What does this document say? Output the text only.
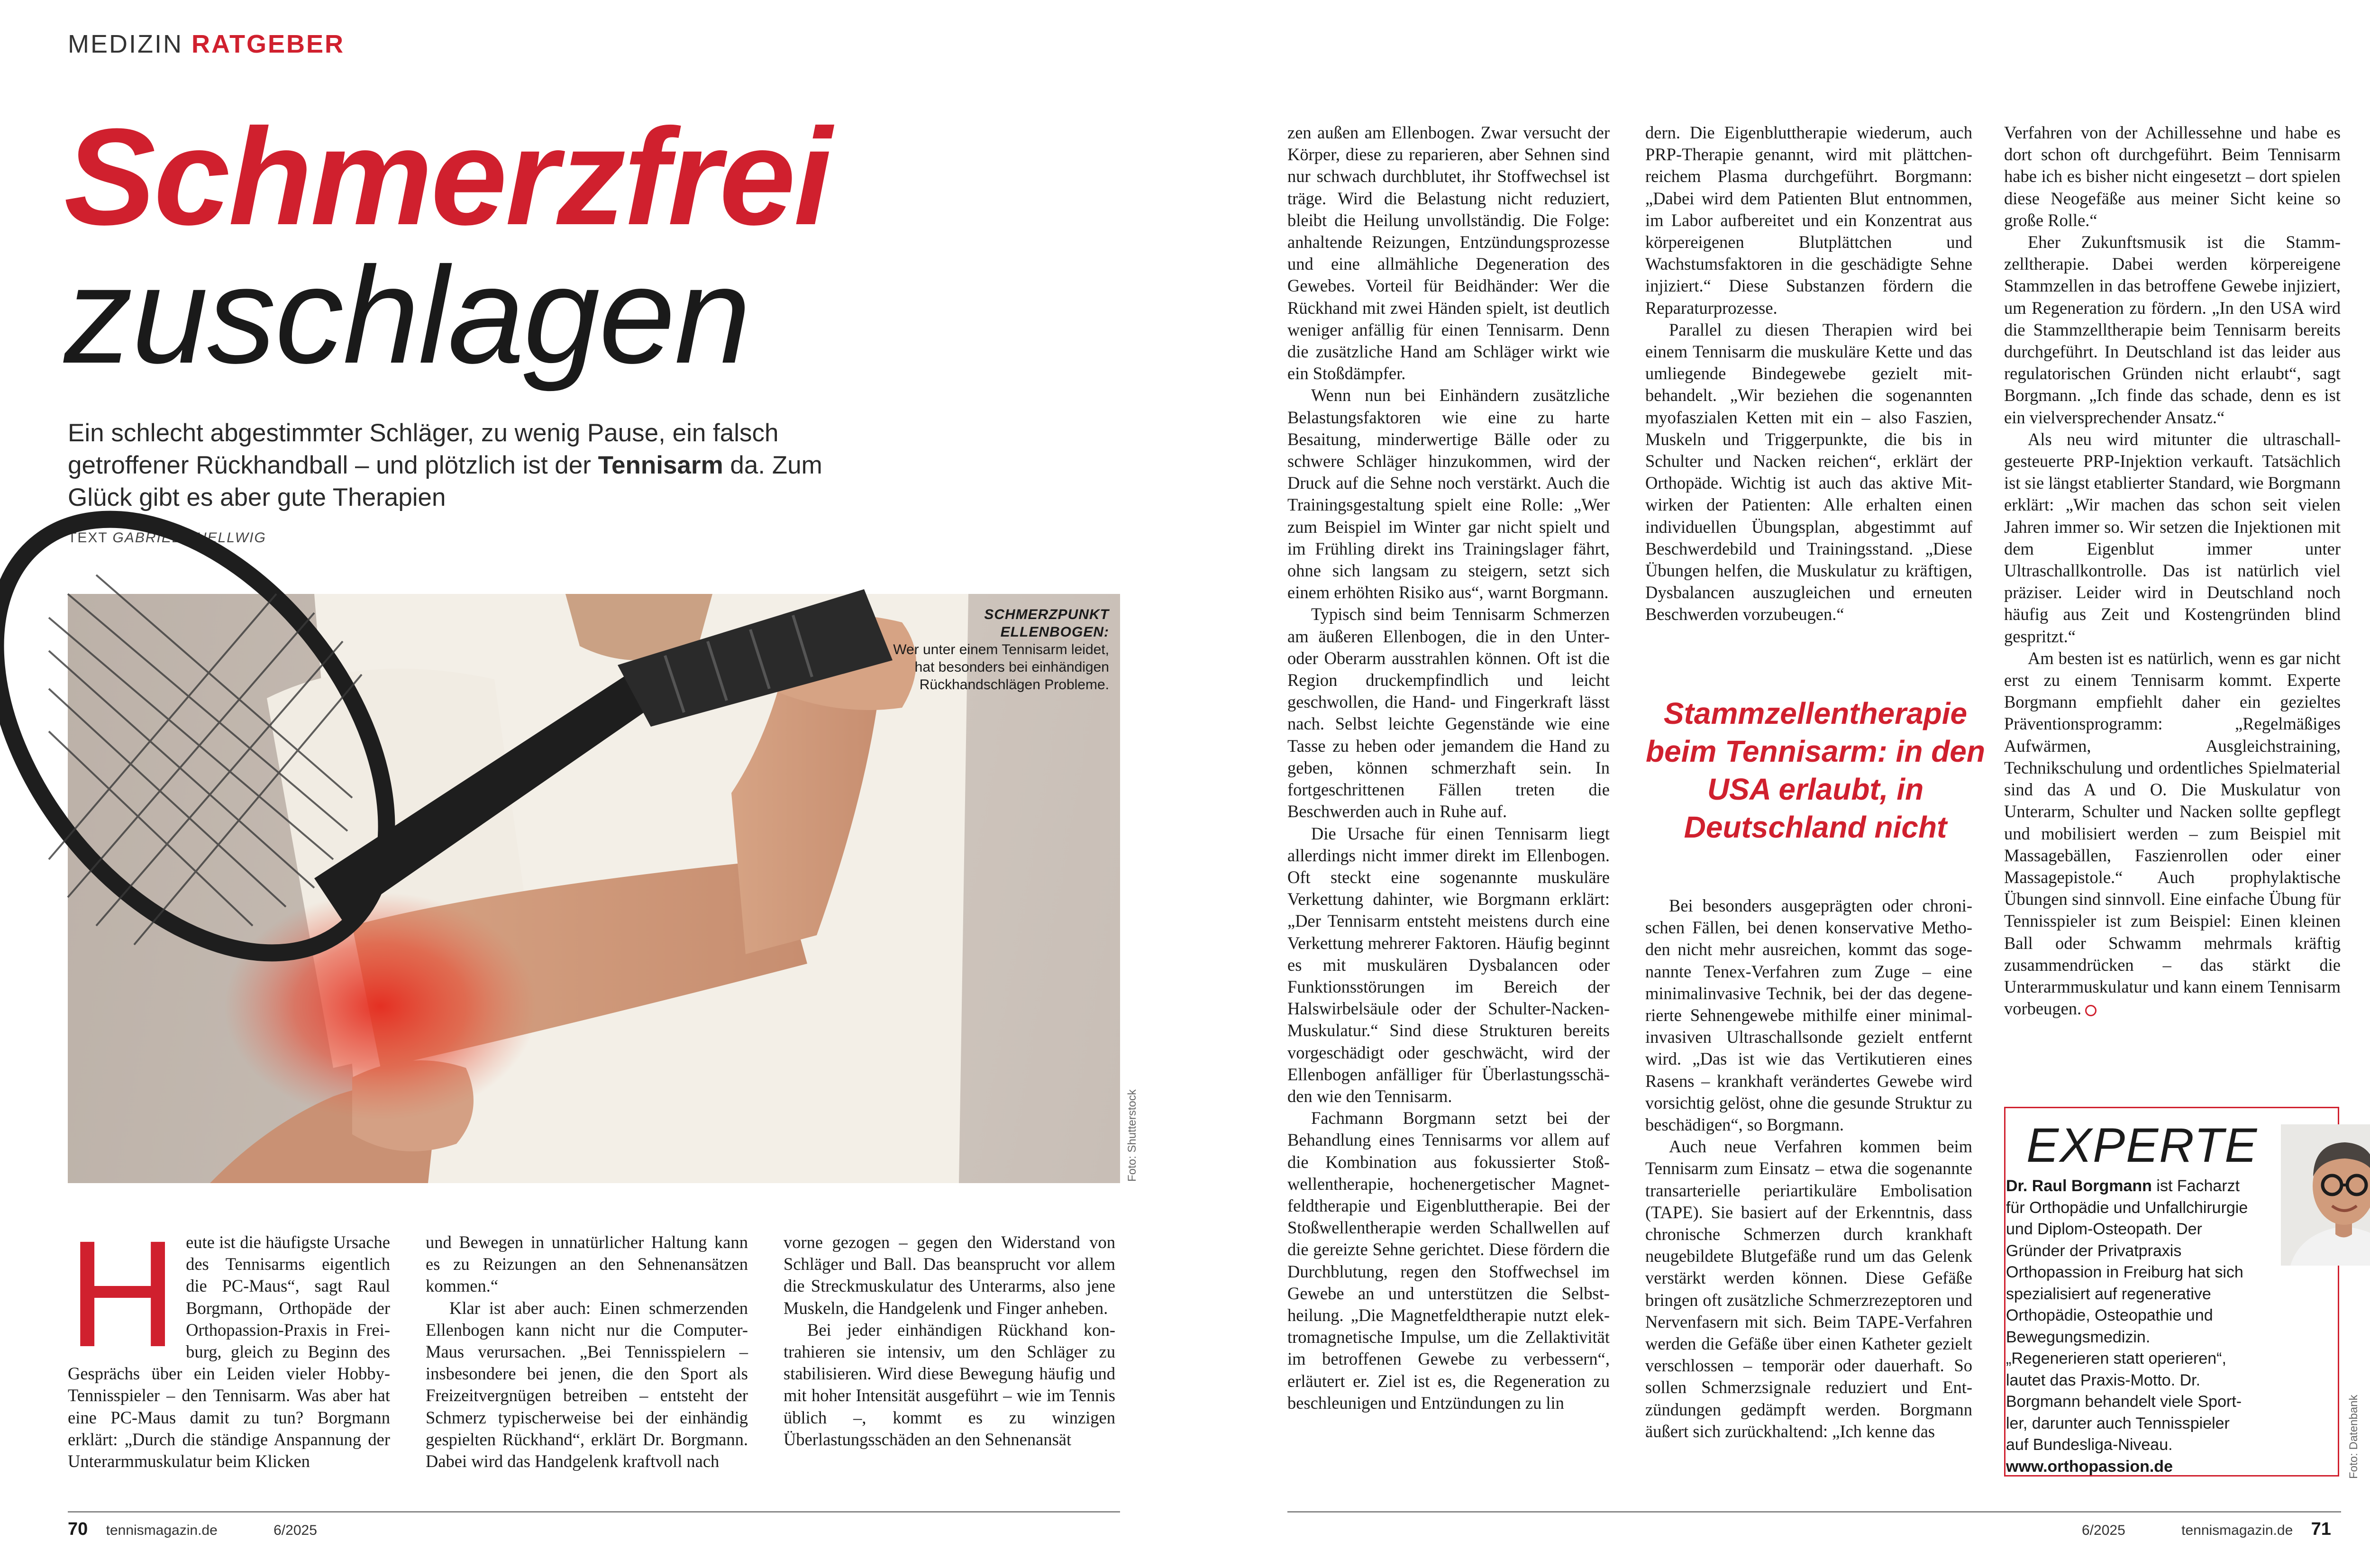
MEDIZIN RATGEBER
Schmerzfrei
zuschlagen
Ein schlecht abgestimmter Schläger, zu wenig Pause, ein falsch getroffener Rückhandball – und plötzlich ist der Tennisarm da. Zum Glück gibt es aber gute Therapien
TEXT GABRIELE HELLWIG
Foto: Shutterstock
SCHMERZPUNKT ELLENBOGEN:
Wer unter einem Tennisarm leidet, hat besonders bei einhändigen Rückhandschlägen Probleme.
H eute ist die häufigste Ursache des Tennisarms eigentlich die PC-Maus“, sagt Raul Borgmann, Orthopäde der Orthopassion-Praxis in Freiburg, gleich zu Beginn des Gesprächs über ein Leiden vieler Hobby-Tennisspieler – den Tennisarm. Was aber hat eine PC-Maus damit zu tun? Borgmann erklärt: „Durch die ständige Anspannung der Unterarmmuskulatur beim Klicken

und Bewegen in unnatürlicher Haltung kann es zu Reizungen an den Sehnenansätzen kommen.“

Klar ist aber auch: Einen schmerzenden Ellenbogen kann nicht nur die Computer-Maus verursachen. „Bei Tennisspielern – insbesondere bei jenen, die den Sport als Freizeitvergnügen betreiben – entsteht der Schmerz typischerweise bei der einhändig gespielten Rückhand“, erklärt Dr. Borgmann. Dabei wird das Handgelenk kraftvoll nach

vorne gezogen – gegen den Widerstand von Schläger und Ball. Das beansprucht vor allem die Streckmuskulatur des Unterarms, also jene Muskeln, die Handgelenk und Finger anheben.

Bei jeder einhändigen Rückhand kontrahieren sie intensiv, um den Schläger zu stabilisieren. Wird diese Bewegung häufig und mit hoher Intensität ausgeführt – wie im Tennis üblich –, kommt es zu winzigen Überlastungsschäden an den Sehnenansät

70 tennismagazin.de	6/2025

zen außen am Ellenbogen. Zwar versucht der Körper, diese zu reparieren, aber Sehnen sind nur schwach durchblutet, ihr Stoffwechsel ist träge. Wird die Belastung nicht reduziert, bleibt die Heilung unvollständig. Die Folge: anhaltende Reizungen, Entzündungsprozesse und eine allmähliche Degeneration des Gewebes. Vorteil für Beidhänder: Wer die Rückhand mit zwei Händen spielt, ist deutlich weniger anfällig für einen Tennisarm. Denn die zusätzliche Hand am Schläger wirkt wie ein Stoßdämpfer.

Wenn nun bei Einhändern zusätzliche Belastungsfaktoren wie eine zu harte Besaitung, minderwertige Bälle oder zu schwere Schläger hinzukommen, wird der Druck auf die Sehne noch verstärkt. Auch die Trainingsgestaltung spielt eine Rolle: „Wer zum Beispiel im Winter gar nicht spielt und im Frühling direkt ins Trainingslager fährt, ohne sich langsam zu steigern, setzt sich einem erhöhten Risiko aus“, warnt Borgmann.

Typisch sind beim Tennisarm Schmerzen am äußeren Ellenbogen, die in den Unter- oder Oberarm ausstrahlen können. Oft ist die Region druckempfindlich und leicht geschwollen, die Hand- und Fingerkraft lässt nach. Selbst leichte Gegenstände wie eine Tasse zu heben oder jemandem die Hand zu geben, können schmerzhaft sein. In fortgeschrittenen Fällen treten die Beschwerden auch in Ruhe auf.

Die Ursache für einen Tennisarm liegt allerdings nicht immer direkt im Ellenbogen. Oft steckt eine sogenannte muskuläre Verkettung dahinter, wie Borgmann erklärt: „Der Tennisarm entsteht meistens durch eine Verkettung mehrerer Faktoren. Häufig beginnt es mit muskulären Dysbalancen oder Funktionsstörungen im Bereich der Halswirbelsäule oder der Schulter-Nacken-Muskulatur.“ Sind diese Strukturen bereits vorgeschädigt oder geschwächt, wird der Ellenbogen anfälliger für Überlastungsschäden wie den Tennisarm.

Fachmann Borgmann setzt bei der Behandlung eines Tennisarms vor allem auf die Kombination aus fokussierter Stoßwellentherapie, hochenergetischer Magnetfeldtherapie und Eigenbluttherapie. Bei der Stoßwellentherapie werden Schallwellen auf die gereizte Sehne gerichtet. Diese fördern die Durchblutung, regen den Stoffwechsel im Gewebe an und unterstützen die Selbstheilung. „Die Magnetfeldtherapie nutzt elektromagnetische Impulse, um die Zellaktivität im betroffenen Gewebe zu verbessern“, erläutert er. Ziel ist es, die Regeneration zu beschleunigen und Entzündungen zu lin

dern. Die Eigenbluttherapie wiederum, auch PRP-Therapie genannt, wird mit plättchenreichem Plasma durchgeführt. Borgmann: „Dabei wird dem Patienten Blut entnommen, im Labor aufbereitet und ein Konzentrat aus körpereigenen Blutplättchen und Wachstumsfaktoren in die geschädigte Sehne injiziert.“ Diese Substanzen fördern die Reparaturprozesse.

Parallel zu diesen Therapien wird bei einem Tennisarm die muskuläre Kette und das umliegende Bindegewebe gezielt mitbehandelt. „Wir beziehen die sogenannten myofaszialen Ketten mit ein – also Faszien, Muskeln und Triggerpunkte, die bis in Schulter und Nacken reichen“, erklärt der Orthopäde. Wichtig ist auch das aktive Mitwirken der Patienten: Alle erhalten einen individuellen Übungsplan, abgestimmt auf Beschwerdebild und Trainingsstand. „Diese Übungen helfen, die Muskulatur zu kräftigen, Dysbalancen auszugleichen und erneuten Beschwerden vorzubeugen.“

Stammzellentherapie beim Tennisarm: in den USA erlaubt, in Deutschland nicht

Bei besonders ausgeprägten oder chronischen Fällen, bei denen konservative Methoden nicht mehr ausreichen, kommt das sogenannte Tenex-Verfahren zum Zuge – eine minimalinvasive Technik, bei der das degenerierte Sehnengewebe mithilfe einer minimalinvasiven Ultraschallsonde gezielt entfernt wird. „Das ist wie das Vertikutieren eines Rasens – krankhaft verändertes Gewebe wird vorsichtig gelöst, ohne die gesunde Struktur zu beschädigen“, so Borgmann.

Auch neue Verfahren kommen beim Tennisarm zum Einsatz – etwa die sogenannte transarterielle periartikuläre Embolisation (TAPE). Sie basiert auf der Erkenntnis, dass chronische Schmerzen durch krankhaft neugebildete Blutgefäße rund um das Gelenk verstärkt werden können. Diese Gefäße bringen oft zusätzliche Schmerzrezeptoren und Nervenfasern mit sich. Beim TAPE-Verfahren werden die Gefäße über einen Katheter gezielt verschlossen – temporär oder dauerhaft. So sollen Schmerzsignale reduziert und Entzündungen gedämpft werden. Borgmann äußert sich zurückhaltend: „Ich kenne das

Verfahren von der Achillessehne und habe es dort schon oft durchgeführt. Beim Tennisarm habe ich es bisher nicht eingesetzt – dort spielen diese Neogefäße aus meiner Sicht keine so große Rolle.“

Eher Zukunftsmusik ist die Stammzelltherapie. Dabei werden körpereigene Stammzellen in das betroffene Gewebe injiziert, um Regeneration zu fördern. „In den USA wird die Stammzelltherapie beim Tennisarm bereits durchgeführt. In Deutschland ist das leider aus regulatorischen Gründen nicht erlaubt“, sagt Borgmann. „Ich finde das schade, denn es ist ein vielversprechender Ansatz.“

Als neu wird mitunter die ultraschallgesteuerte PRP-Injektion verkauft. Tatsächlich ist sie längst etablierter Standard, wie Borgmann erklärt: „Wir machen das schon seit vielen Jahren immer so. Wir setzen die Injektionen mit dem Eigenblut immer unter Ultraschallkontrolle. Das ist natürlich viel präziser. Leider wird in Deutschland noch häufig aus Zeit und Kostengründen blind gespritzt.“

Am besten ist es natürlich, wenn es gar nicht erst zu einem Tennisarm kommt. Experte Borgmann empfiehlt daher ein gezieltes Präventionsprogramm: „Regelmäßiges Aufwärmen, Ausgleichstraining, Technikschulung und ordentliches Spielmaterial sind das A und O. Die Muskulatur von Unterarm, Schulter und Nacken sollte gepflegt und mobilisiert werden – zum Beispiel mit Massagebällen, Faszienrollen oder einer Massagepistole.“ Auch prophylaktische Übungen sind sinnvoll. Eine einfache Übung für Tennisspieler ist zum Beispiel: Einen kleinen Ball oder Schwamm mehrmals kräftig zusammendrücken – das stärkt die Unterarmmuskulatur und kann einem Tennisarm vorbeugen.

EXPERTE
Dr. Raul Borgmann ist Facharzt für Orthopädie und Unfallchirurgie und Diplom-Osteopath. Der Gründer der Privatpraxis Orthopassion in Freiburg hat sich spezialisiert auf regenerative Orthopädie, Osteopathie und Bewegungsmedizin. „Regenerieren statt operieren“, lautet das Praxis-Motto. Dr. Borgmann behandelt viele Sportler, darunter auch Tennisspieler auf Bundesliga-Niveau.
www.orthopassion.de	Foto: Datenbank
6/2025	tennismagazin.de 71
